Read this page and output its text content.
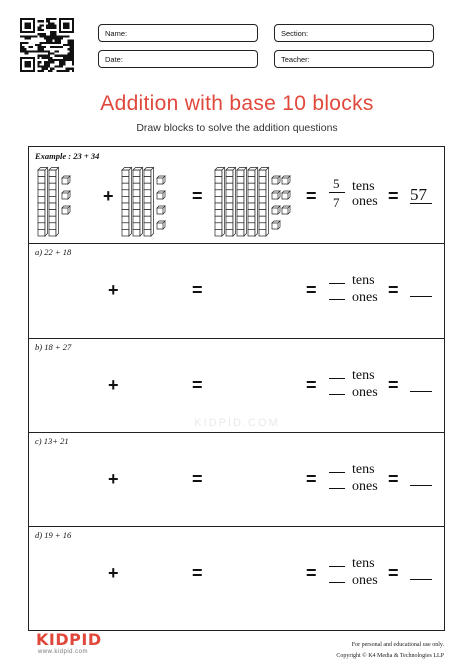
Name:	Section:
Date:	Teacher:
Addition with base 10 blocks
Draw blocks to solve the addition questions
KIDPID.COM
Example : 23 + 34
+	=	=
5
7
tens
ones = 57
a) 22 + 18
+	=	=	tens
ones =
b) 18 + 27
+	=	=	tens
ones =
c) 13+ 21
+	=	=	tens
ones =
d) 19 + 16
+	=	=	tens
ones =
KIDPID
www.kidpid.com
For personal and educational use only.
Copyright © K4 Media & Technologies LLP
